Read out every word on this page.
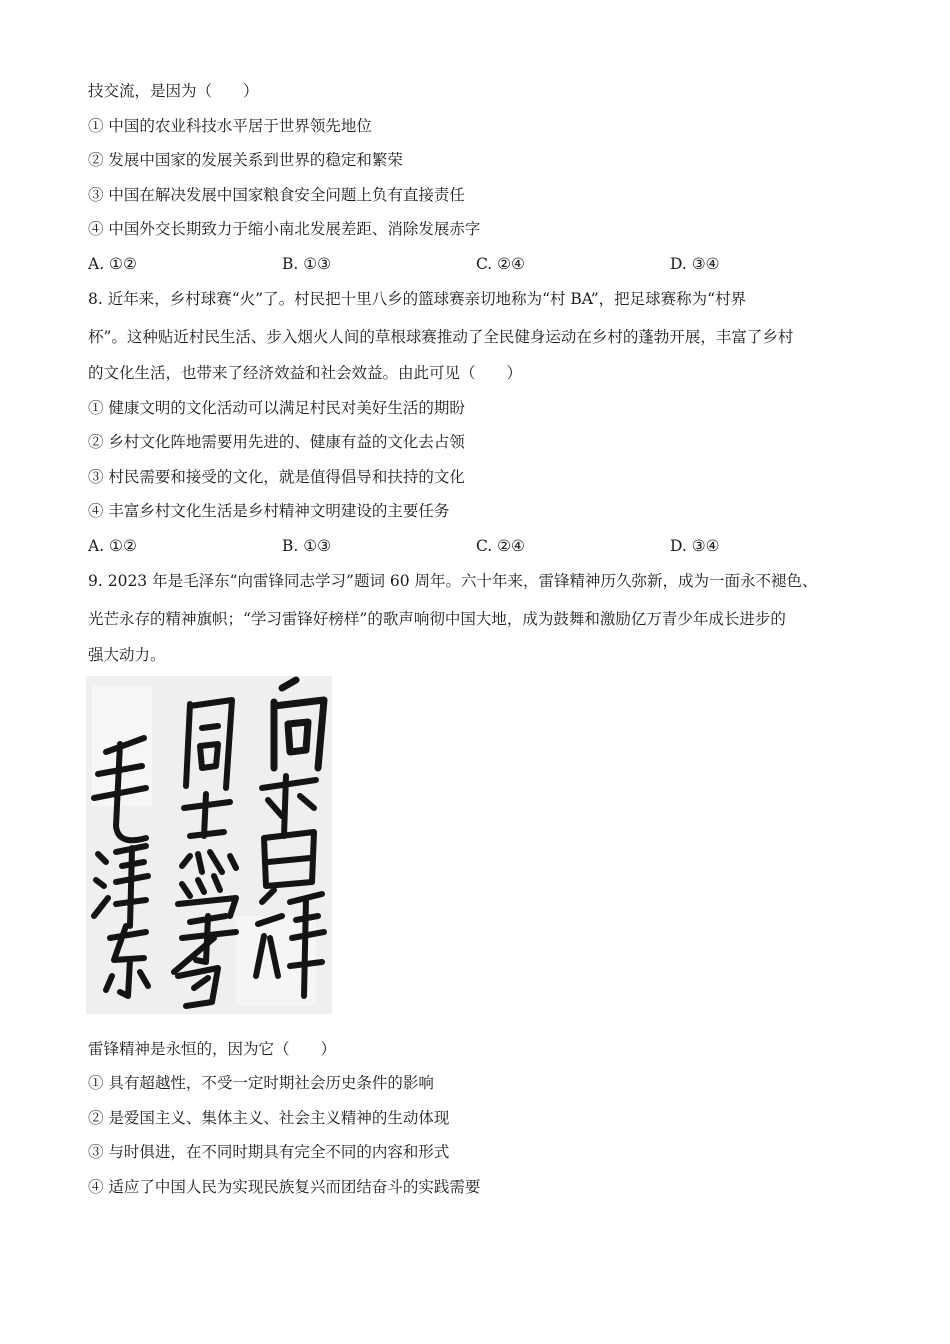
技交流，是因为（　　）
① 中国的农业科技水平居于世界领先地位
② 发展中国家的发展关系到世界的稳定和繁荣
③ 中国在解决发展中国家粮食安全问题上负有直接责任
④ 中国外交长期致力于缩小南北发展差距、消除发展赤字
A. ①②	B. ①③	C. ②④	D. ③④
8. 近年来，乡村球赛“火”了。村民把十里八乡的篮球赛亲切地称为“村 BA”，把足球赛称为“村界
杯”。这种贴近村民生活、步入烟火人间的草根球赛推动了全民健身运动在乡村的蓬勃开展，丰富了乡村
的文化生活，也带来了经济效益和社会效益。由此可见（　　）
① 健康文明的文化活动可以满足村民对美好生活的期盼
② 乡村文化阵地需要用先进的、健康有益的文化去占领
③ 村民需要和接受的文化，就是值得倡导和扶持的文化
④ 丰富乡村文化生活是乡村精神文明建设的主要任务
A. ①②	B. ①③	C. ②④	D. ③④
9. 2023 年是毛泽东“向雷锋同志学习”题词 60 周年。六十年来，雷锋精神历久弥新，成为一面永不褪色、
光芒永存的精神旗帜；“学习雷锋好榜样”的歌声响彻中国大地，成为鼓舞和激励亿万青少年成长进步的
强大动力。
雷锋精神是永恒的，因为它（　　）
① 具有超越性，不受一定时期社会历史条件的影响
② 是爱国主义、集体主义、社会主义精神的生动体现
③ 与时俱进，在不同时期具有完全不同的内容和形式
④ 适应了中国人民为实现民族复兴而团结奋斗的实践需要
